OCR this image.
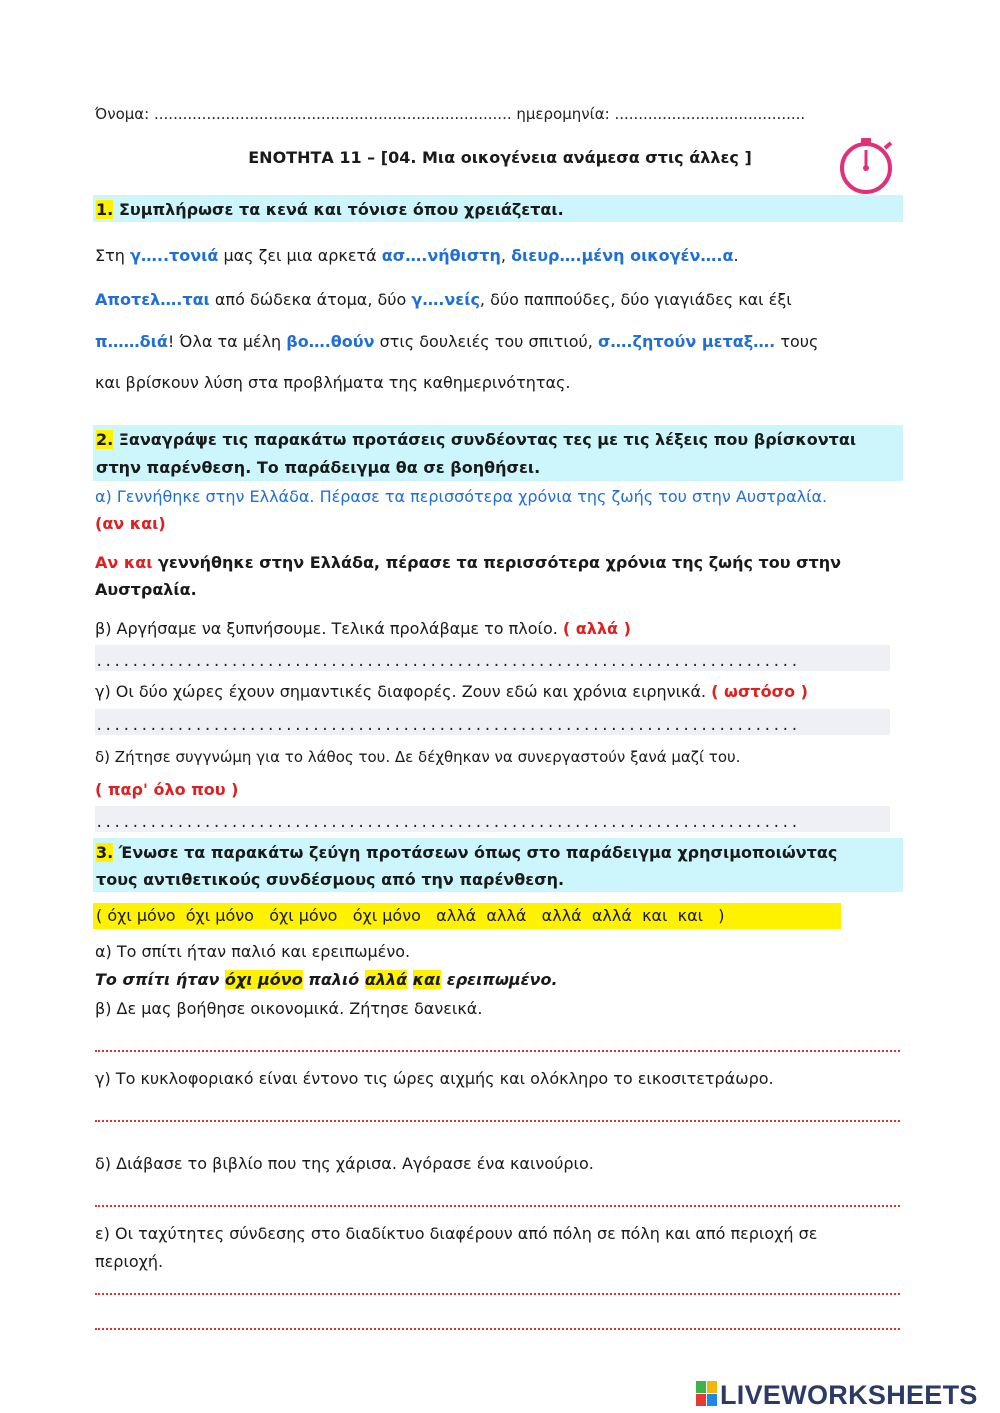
Όνομα: ........................................................................... ημερομηνία: ........................................
ΕΝΟΤΗΤΑ 11 – [04. Μια οικογένεια ανάμεσα στις άλλες ]
1. Συμπλήρωσε τα κενά και τόνισε όπου χρειάζεται.
Στη γ…..τονιά μας ζει μια αρκετά ασ….νήθιστη, διευρ….μένη οικογέν….α.
Αποτελ….ται από δώδεκα άτομα, δύο γ….νείς, δύο παππούδες, δύο γιαγιάδες και έξι
π……διά! Όλα τα μέλη βο….θούν στις δουλειές του σπιτιού, σ….ζητούν μεταξ…. τους
και βρίσκουν λύση στα προβλήματα της καθημερινότητας.
2. Ξαναγράψε τις παρακάτω προτάσεις συνδέοντας τες με τις λέξεις που βρίσκονται
στην παρένθεση. Το παράδειγμα θα σε βοηθήσει.
α) Γεννήθηκε στην Ελλάδα. Πέρασε τα περισσότερα χρόνια της ζωής του στην Αυστραλία.
(αν και)
Αν και γεννήθηκε στην Ελλάδα, πέρασε τα περισσότερα χρόνια της ζωής του στην
Αυστραλία.
β) Αργήσαμε να ξυπνήσουμε. Τελικά προλάβαμε το πλοίο. ( αλλά )
..............................................................................
γ) Οι δύο χώρες έχουν σημαντικές διαφορές. Ζουν εδώ και χρόνια ειρηνικά. ( ωστόσο )
..............................................................................
δ) Ζήτησε συγγνώμη για το λάθος του. Δε δέχθηκαν να συνεργαστούν ξανά μαζί του.
( παρ' όλο που )
..............................................................................
3. Ένωσε τα παρακάτω ζεύγη προτάσεων όπως στο παράδειγμα χρησιμοποιώντας
τους αντιθετικούς συνδέσμους από την παρένθεση.
( όχι μόνο  όχι μόνο   όχι μόνο   όχι μόνο   αλλά  αλλά   αλλά  αλλά  και  και   )
α) Το σπίτι ήταν παλιό και ερειπωμένο.
Το σπίτι ήταν όχι μόνο παλιό αλλά και ερειπωμένο.
β) Δε μας βοήθησε οικονομικά. Ζήτησε δανεικά.
γ) Το κυκλοφοριακό είναι έντονο τις ώρες αιχμής και ολόκληρο το εικοσιτετράωρο.
δ) Διάβασε το βιβλίο που της χάρισα. Αγόρασε ένα καινούριο.
ε) Οι ταχύτητες σύνδεσης στο διαδίκτυο διαφέρουν από πόλη σε πόλη και από περιοχή σε
περιοχή.
LIVEWORKSHEETS
